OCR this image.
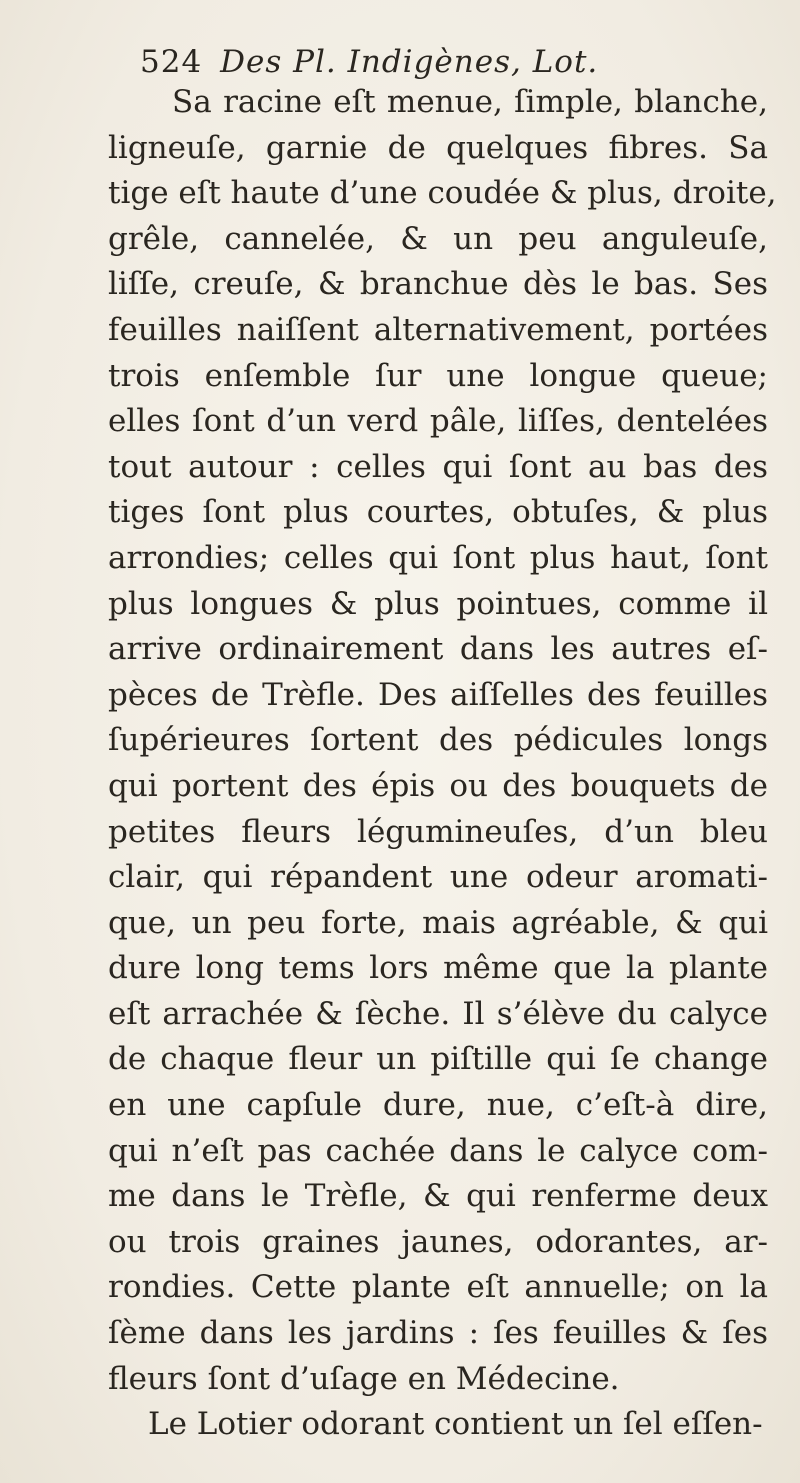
524 Des Pl. Indigènes, Lot.
Sa racine eſt menue, ſimple, blanche,
ligneuſe, garnie de quelques fibres. Sa
tige eſt haute d’une coudée & plus, droite,
grêle, cannelée, & un peu anguleuſe,
liſſe, creuſe, & branchue dès le bas. Ses
feuilles naiſſent alternativement, portées
trois enſemble ſur une longue queue;
elles ſont d’un verd pâle, liſſes, dentelées
tout autour : celles qui ſont au bas des
tiges ſont plus courtes, obtuſes, & plus
arrondies; celles qui ſont plus haut, ſont
plus longues & plus pointues, comme il
arrive ordinairement dans les autres eſ-
pèces de Trèfle. Des aiſſelles des feuilles
ſupérieures ſortent des pédicules longs
qui portent des épis ou des bouquets de
petites fleurs légumineuſes, d’un bleu
clair, qui répandent une odeur aromati-
que, un peu forte, mais agréable, & qui
dure long tems lors même que la plante
eſt arrachée & ſèche. Il s’élève du calyce
de chaque fleur un piſtille qui ſe change
en une capſule dure, nue, c’eſt-à dire,
qui n’eſt pas cachée dans le calyce com-
me dans le Trèfle, & qui renferme deux
ou trois graines jaunes, odorantes, ar-
rondies. Cette plante eſt annuelle; on la
ſème dans les jardins : ſes feuilles & ſes
fleurs ſont d’uſage en Médecine.
Le Lotier odorant contient un ſel eſſen-
